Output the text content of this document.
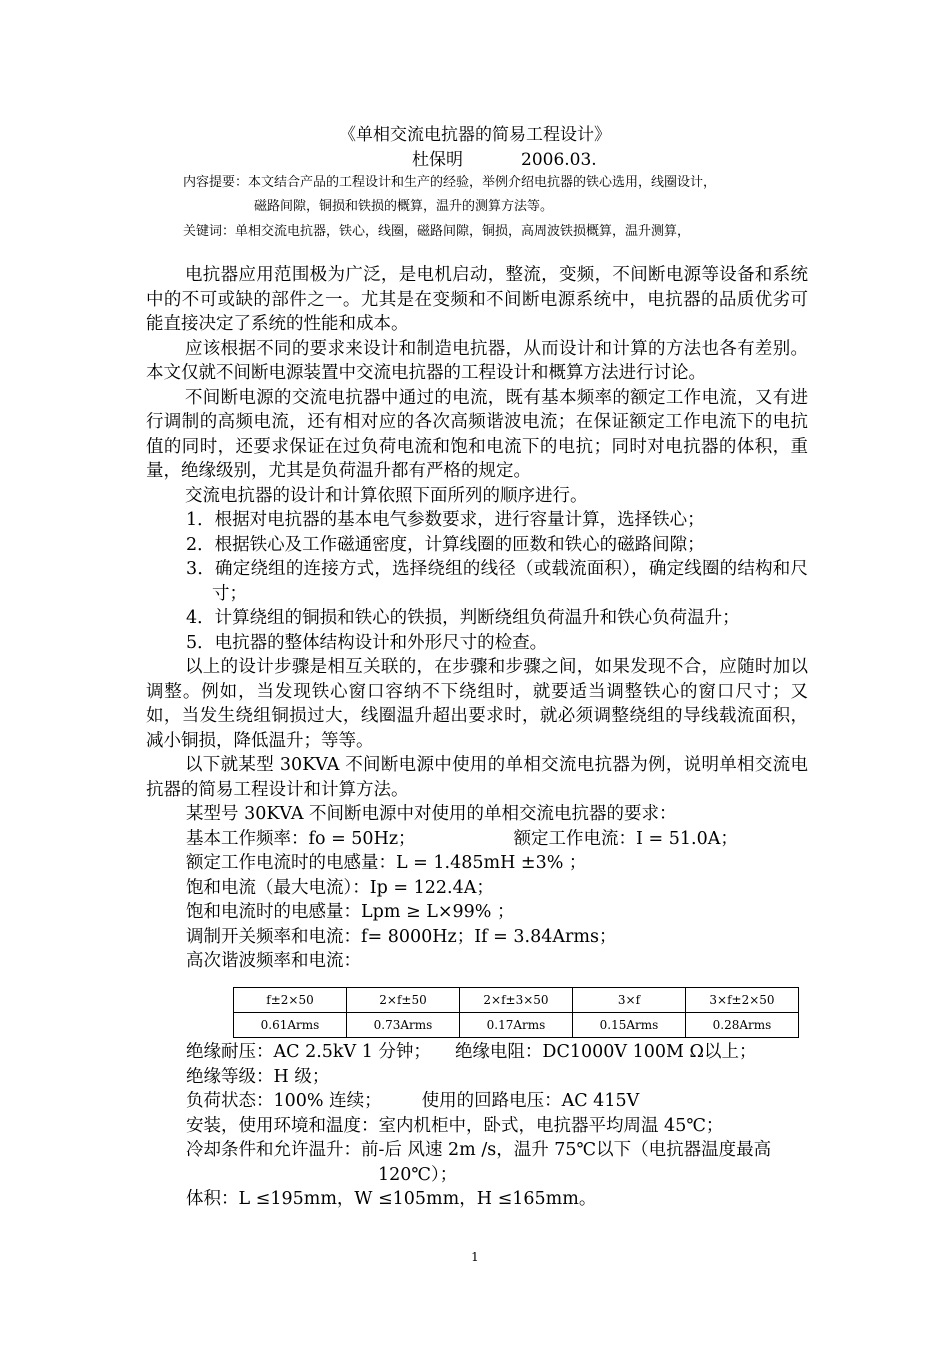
《单相交流电抗器的简易工程设计》
杜保明	2006.03.
内容提要：本文结合产品的工程设计和生产的经验，举例介绍电抗器的铁心选用，线圈设计，
磁路间隙，铜损和铁损的概算，温升的测算方法等。
关键词：单相交流电抗器，铁心，线圈，磁路间隙，铜损，高周波铁损概算，温升测算，

电抗器应用范围极为广泛，是电机启动，整流，变频，不间断电源等设备和系统中的不可或缺的部件之一。尤其是在变频和不间断电源系统中，电抗器的品质优劣可能直接决定了系统的性能和成本。

应该根据不同的要求来设计和制造电抗器，从而设计和计算的方法也各有差别。本文仅就不间断电源装置中交流电抗器的工程设计和概算方法进行讨论。

不间断电源的交流电抗器中通过的电流，既有基本频率的额定工作电流，又有进行调制的高频电流，还有相对应的各次高频谐波电流；在保证额定工作电流下的电抗值的同时，还要求保证在过负荷电流和饱和电流下的电抗；同时对电抗器的体积，重量，绝缘级别，尤其是负荷温升都有严格的规定。

交流电抗器的设计和计算依照下面所列的顺序进行。

1．根据对电抗器的基本电气参数要求，进行容量计算，选择铁心；

2．根据铁心及工作磁通密度，计算线圈的匝数和铁心的磁路间隙；

3．确定绕组的连接方式，选择绕组的线径（或载流面积），确定线圈的结构和尺寸；

4．计算绕组的铜损和铁心的铁损，判断绕组负荷温升和铁心负荷温升；

5．电抗器的整体结构设计和外形尺寸的检查。

以上的设计步骤是相互关联的，在步骤和步骤之间，如果发现不合，应随时加以调整。例如，当发现铁心窗口容纳不下绕组时，就要适当调整铁心的窗口尺寸；又如，当发生绕组铜损过大，线圈温升超出要求时，就必须调整绕组的导线载流面积，减小铜损，降低温升；等等。

以下就某型 30KVA 不间断电源中使用的单相交流电抗器为例，说明单相交流电抗器的简易工程设计和计算方法。

某型号 30KVA 不间断电源中对使用的单相交流电抗器的要求：

基本工作频率：fo = 50Hz；	额定工作电流：I = 51.0A；

额定工作电流时的电感量：L = 1.485mH ±3% ；

饱和电流（最大电流）：Ip = 122.4A；

饱和电流时的电感量：Lpm ≥ L×99% ；

调制开关频率和电流：f= 8000Hz；If = 3.84Arms；

高次谐波频率和电流：

f±2×50	2×f±50	2×f±3×50	3×f	3×f±2×50
0.61Arms	0.73Arms	0.17Arms	0.15Arms	0.28Arms

绝缘耐压：AC 2.5kV 1 分钟； 绝缘电阻：DC1000V 100M Ω以上；

绝缘等级：H 级；

负荷状态：100% 连续； 使用的回路电压：AC 415V

安装，使用环境和温度：室内机柜中，卧式，电抗器平均周温 45℃；

冷却条件和允许温升：前-后 风速 2m /s，温升 75℃以下（电抗器温度最高

120℃）；

体积：L ≤195mm，W ≤105mm，H ≤165mm。

1
